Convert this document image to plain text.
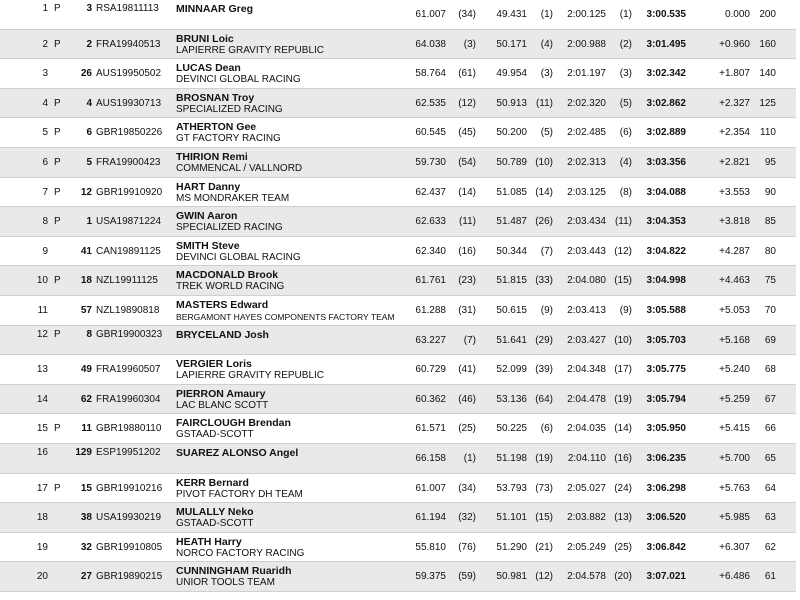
1 P	3 RSA19811113 MINNAAR Greg	61.007	(34)	49.431	(1)	2:00.125	(1)	3:00.535	0.000 200
2 P	2 FRA19940513 BRUNI Loic
LAPIERRE GRAVITY REPUBLIC
64.038	(3)	50.171	(4)	2:00.988	(2)	3:01.495	+0.960 160
3	26 AUS19950502 LUCAS Dean
DEVINCI GLOBAL RACING
58.764	(61)	49.954	(3)	2:01.197	(3)	3:02.342	+1.807 140
4 P	4 AUS19930713 BROSNAN Troy
SPECIALIZED RACING
62.535	(12)	50.913 (11)	2:02.320	(5)	3:02.862	+2.327 125
5 P	6 GBR19850226 ATHERTON Gee
GT FACTORY RACING
60.545	(45)	50.200	(5)	2:02.485	(6)	3:02.889	+2.354	110
6 P	5 FRA19900423 THIRION Remi
COMMENCAL / VALLNORD
59.730	(54)	50.789 (10)	2:02.313	(4)	3:03.356	+2.821	95
7 P	12 GBR19910920 HART Danny
MS MONDRAKER TEAM
62.437	(14)	51.085 (14)	2:03.125	(8)	3:04.088	+3.553	90
8 P	1 USA19871224 GWIN Aaron
SPECIALIZED RACING
62.633	(11)	51.487 (26)	2:03.434 (11)	3:04.353	+3.818	85
9	41 CAN19891125 SMITH Steve
DEVINCI GLOBAL RACING
62.340	(16)	50.344	(7)	2:03.443 (12)	3:04.822	+4.287	80
10 P	18 NZL19911125 MACDONALD Brook
TREK WORLD RACING
61.761	(23)	51.815 (33)	2:04.080 (15)	3:04.998	+4.463	75
11	57 NZL19890818 MASTERS Edward
BERGAMONT HAYES COMPONENTS FACTORY TEAM
61.288	(31)	50.615	(9)	2:03.413	(9)	3:05.588	+5.053	70
12 P	8 GBR19900323 BRYCELAND Josh	63.227	(7)	51.641 (29)	2:03.427 (10)	3:05.703	+5.168	69
13	49 FRA19960507 VERGIER Loris
LAPIERRE GRAVITY REPUBLIC
60.729	(41)	52.099 (39)	2:04.348 (17)	3:05.775	+5.240	68
14	62 FRA19960304 PIERRON Amaury
LAC BLANC SCOTT
60.362	(46)	53.136 (64)	2:04.478 (19)	3:05.794	+5.259	67
15 P	11 GBR19880110 FAIRCLOUGH Brendan
GSTAAD-SCOTT
61.571	(25)	50.225	(6)	2:04.035 (14)	3:05.950	+5.415	66
16	129 ESP19951202 SUAREZ ALONSO Angel	66.158	(1)	51.198 (19)	2:04.110 (16)	3:06.235	+5.700	65
17 P	15 GBR19910216 KERR Bernard
PIVOT FACTORY DH TEAM
61.007	(34)	53.793 (73)	2:05.027 (24)	3:06.298	+5.763	64
18	38 USA19930219 MULALLY Neko
GSTAAD-SCOTT
61.194	(32)	51.101 (15)	2:03.882 (13)	3:06.520	+5.985	63
19	32 GBR19910805 HEATH Harry
NORCO FACTORY RACING
55.810	(76)	51.290 (21)	2:05.249 (25)	3:06.842	+6.307	62
20	27 GBR19890215 CUNNINGHAM Ruaridh
UNIOR TOOLS TEAM
59.375	(59)	50.981 (12)	2:04.578 (20)	3:07.021	+6.486	61
